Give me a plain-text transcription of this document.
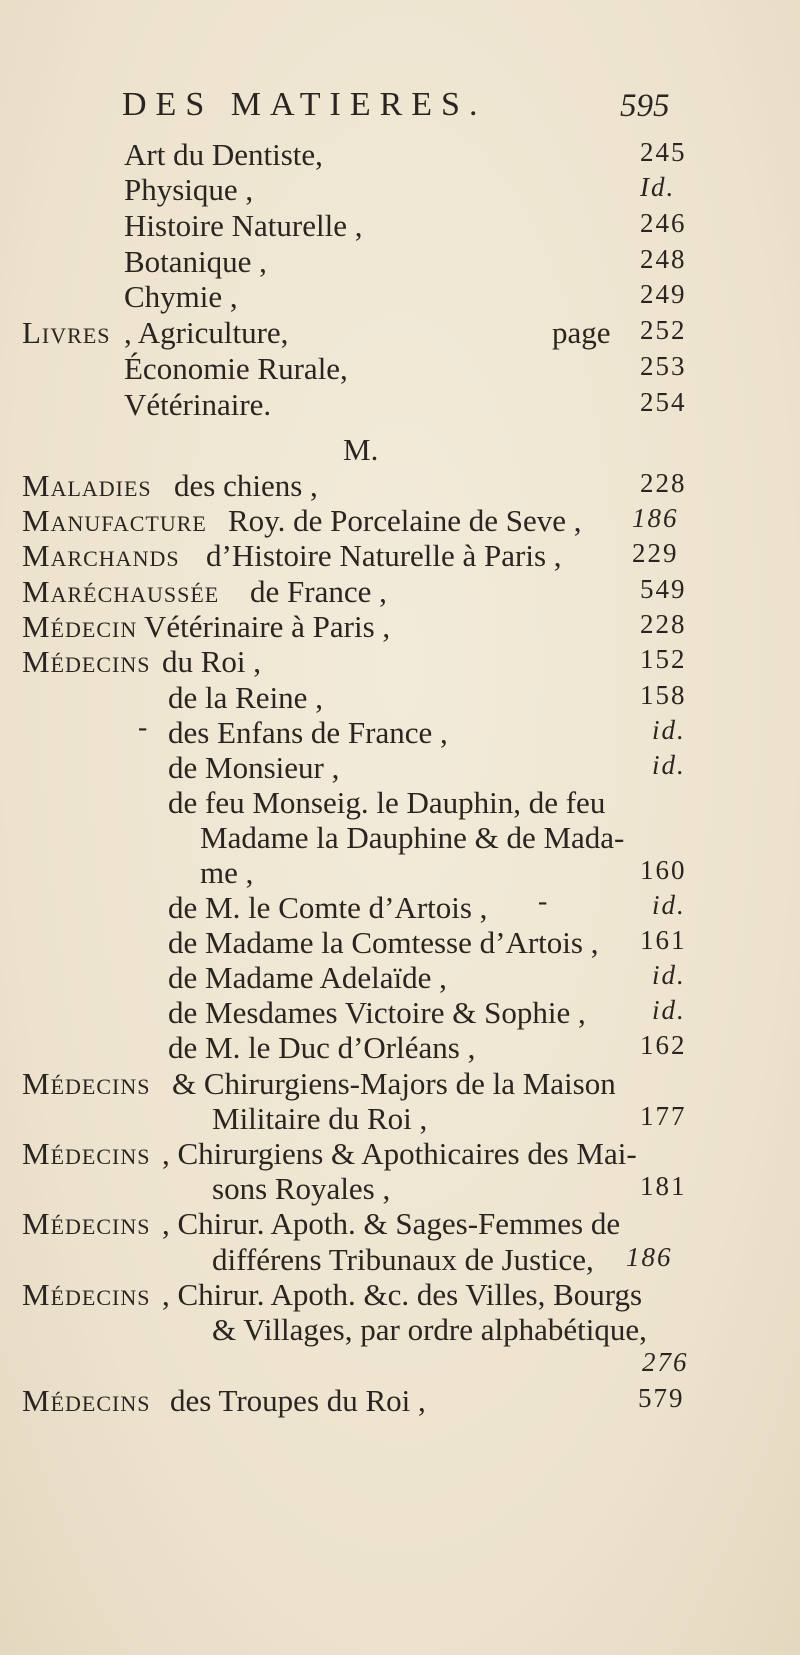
DES MATIERES.	595
Art du Dentiste,	245
Physique ,	Id.
Histoire Naturelle ,	246
Botanique ,	248
Chymie ,	249
Livres , Agriculture,	page 252
Économie Rurale,	253
Vétérinaire.	254
M.
Maladies des chiens ,	228
Manufacture Roy. de Porcelaine de Seve , 186
Marchands d’Histoire Naturelle à Paris ,	229
Maréchaussée de France ,	549
Médecin Vétérinaire à Paris ,	228
Médecins du Roi ,	152
de la Reine ,	158
- des Enfans de France ,	id.
de Monsieur ,	id.
de feu Monseig. le Dauphin, de feu
Madame la Dauphine & de Mada-
me ,	160
de M. le Comte d’Artois , -	id.
de Madame la Comtesse d’Artois , 161
de Madame Adelaïde ,	id.
de Mesdames Victoire & Sophie , id.
de M. le Duc d’Orléans ,	162
Médecins & Chirurgiens-Majors de la Maison
Militaire du Roi ,	177
Médecins , Chirurgiens & Apothicaires des Mai-
sons Royales ,	181
Médecins , Chirur. Apoth. & Sages-Femmes de
différens Tribunaux de Justice, 186
Médecins , Chirur. Apoth. &c. des Villes, Bourgs
& Villages, par ordre alphabétique,
276
Médecins des Troupes du Roi ,	579
